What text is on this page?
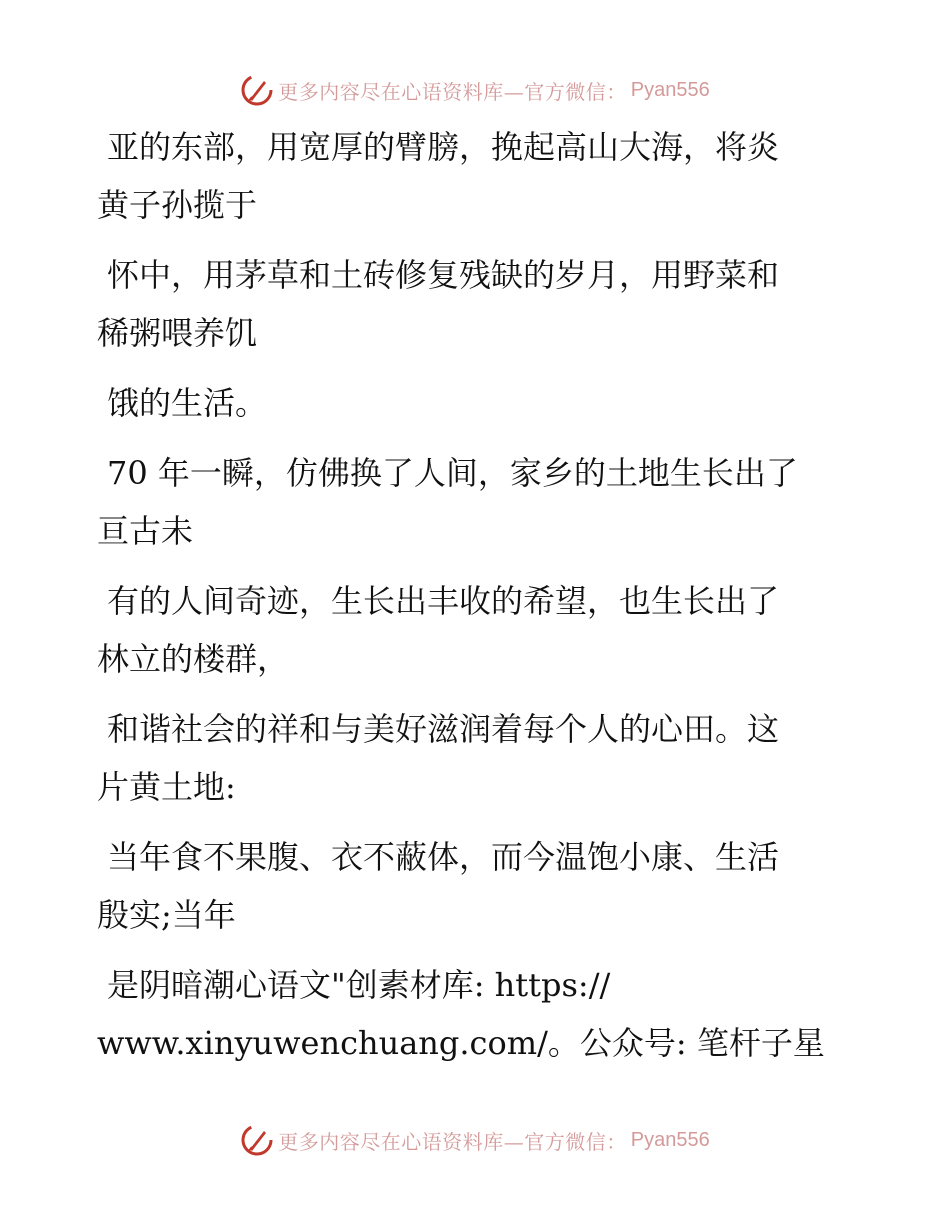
更多内容尽在心语资料库—官方微信： Pyan556
亚的东部，用宽厚的臂膀，挽起高山大海，将炎
黄子孙揽于
怀中，用茅草和土砖修复残缺的岁月，用野菜和
稀粥喂养饥
饿的生活。
70 年一瞬，仿佛换了人间，家乡的土地生长出了
亘古未
有的人间奇迹，生长出丰收的希望，也生长出了
林立的楼群，
和谐社会的祥和与美好滋润着每个人的心田。这
片黄土地:
当年食不果腹、衣不蔽体，而今温饱小康、生活
殷实;当年
是阴暗潮心语文"创素材库: https://
www.xinyuwenchuang.com/。公众号: 笔杆子星
更多内容尽在心语资料库—官方微信： Pyan556
